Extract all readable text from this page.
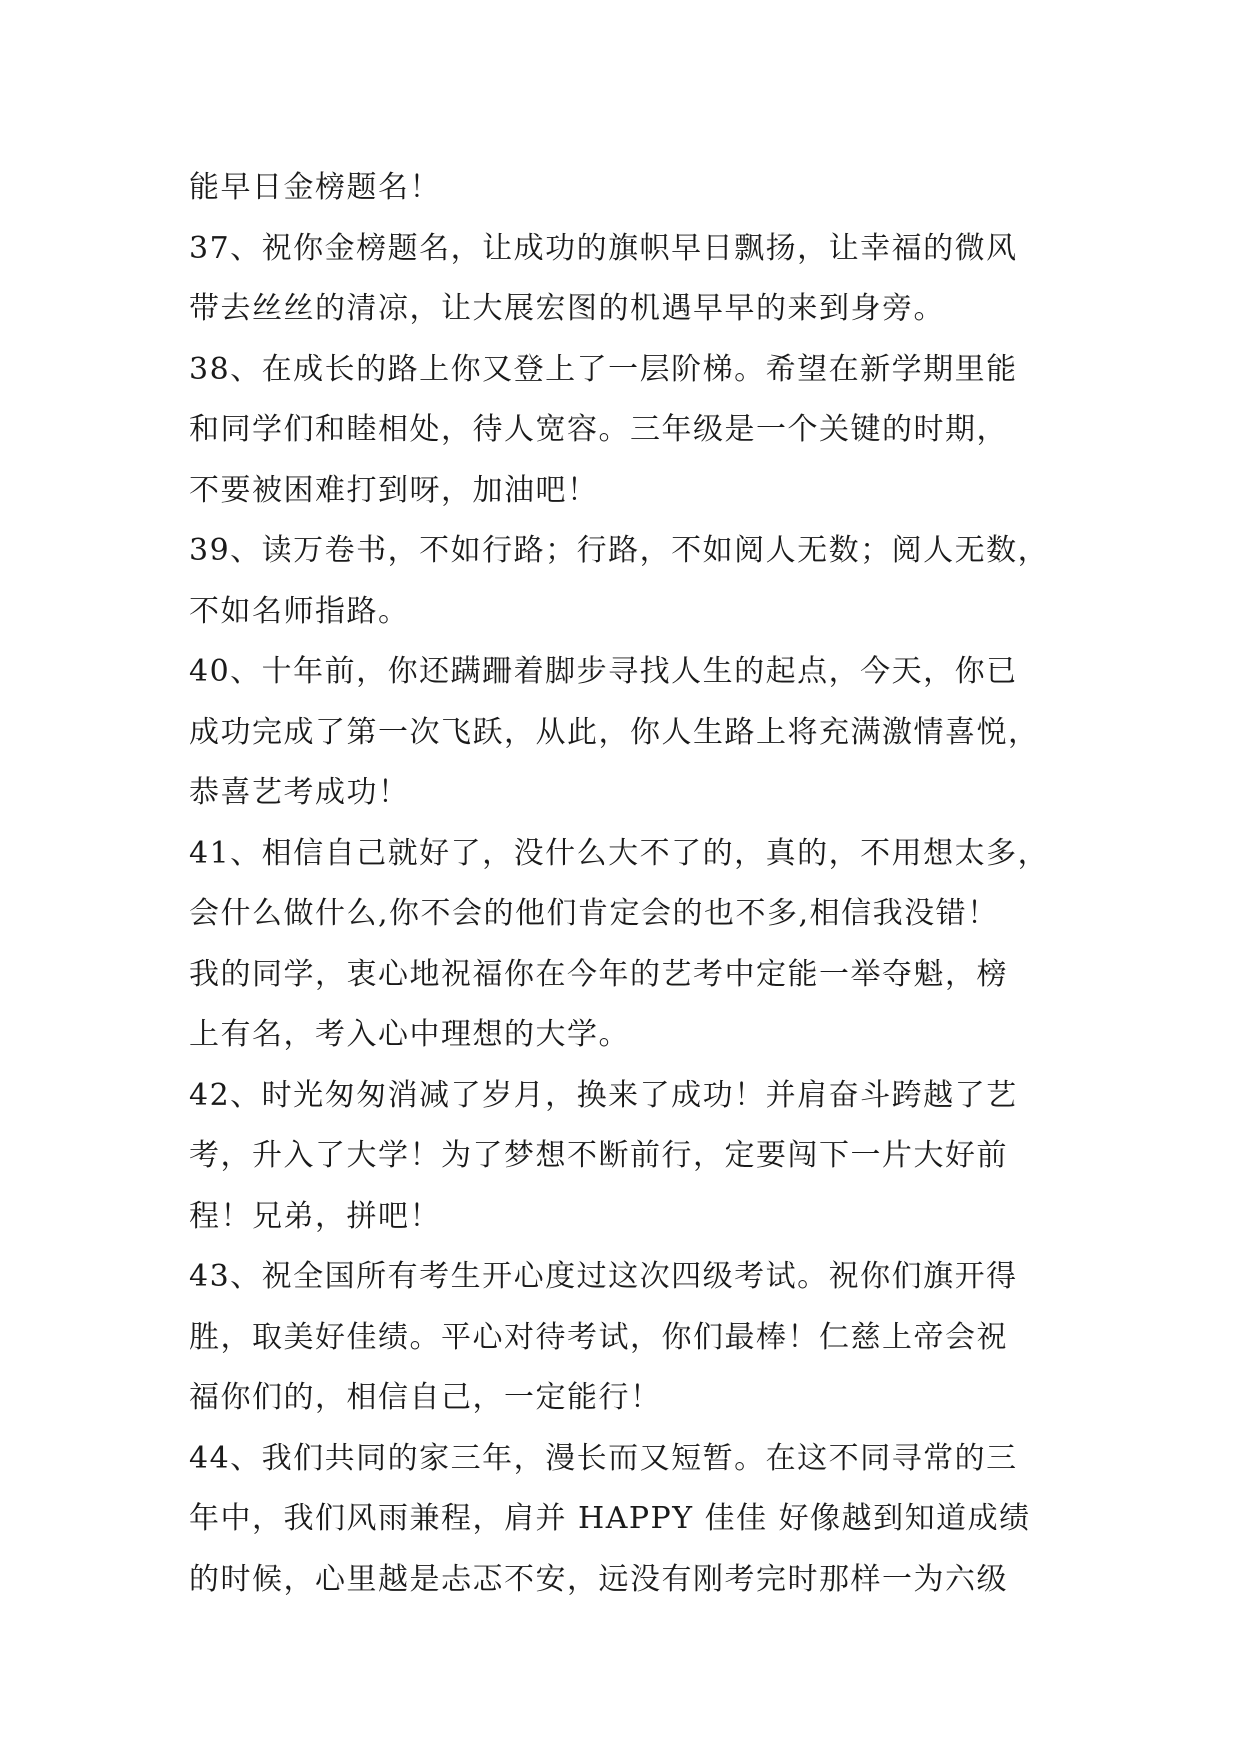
能早日金榜题名！
37、祝你金榜题名，让成功的旗帜早日飘扬，让幸福的微风
带去丝丝的清凉，让大展宏图的机遇早早的来到身旁。
38、在成长的路上你又登上了一层阶梯。希望在新学期里能
和同学们和睦相处，待人宽容。三年级是一个关键的时期，
不要被困难打到呀，加油吧！
39、读万卷书，不如行路；行路，不如阅人无数；阅人无数，
不如名师指路。
40、十年前，你还蹒跚着脚步寻找人生的起点，今天，你已
成功完成了第一次飞跃，从此，你人生路上将充满激情喜悦，
恭喜艺考成功！
41、相信自己就好了，没什么大不了的，真的，不用想太多，
会什么做什么,你不会的他们肯定会的也不多,相信我没错！
我的同学，衷心地祝福你在今年的艺考中定能一举夺魁，榜
上有名，考入心中理想的大学。
42、时光匆匆消减了岁月，换来了成功！并肩奋斗跨越了艺
考，升入了大学！为了梦想不断前行，定要闯下一片大好前
程！兄弟，拼吧！
43、祝全国所有考生开心度过这次四级考试。祝你们旗开得
胜，取美好佳绩。平心对待考试，你们最棒！仁慈上帝会祝
福你们的，相信自己，一定能行！
44、我们共同的家三年，漫长而又短暂。在这不同寻常的三
年中，我们风雨兼程，肩并 HAPPY 佳佳 好像越到知道成绩
的时候，心里越是忐忑不安，远没有刚考完时那样一为六级
